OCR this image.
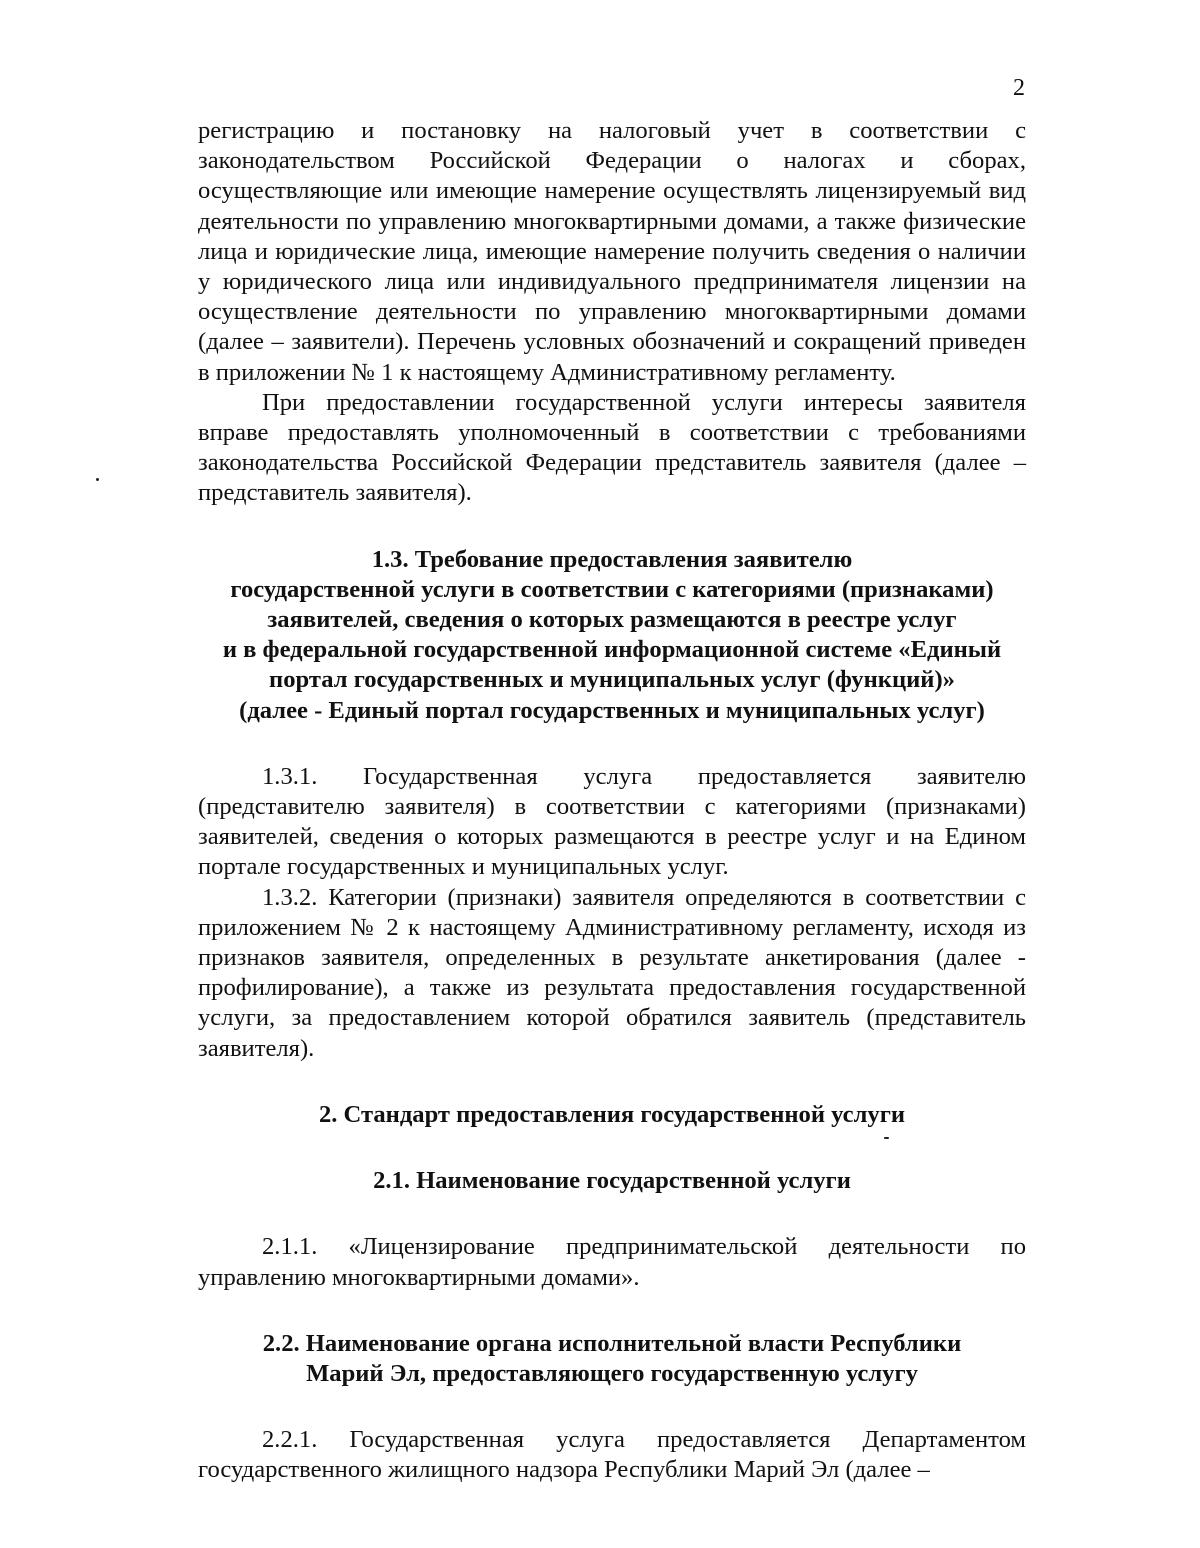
2

регистрацию и постановку на налоговый учет в соответствии с законодательством Российской Федерации о налогах и сборах, осуществляющие или имеющие намерение осуществлять лицензируемый вид деятельности по управлению многоквартирными домами, а также физические лица и юридические лица, имеющие намерение получить сведения о наличии у юридического лица или индивидуального предпринимателя лицензии на осуществление деятельности по управлению многоквартирными домами (далее – заявители). Перечень условных обозначений и сокращений приведен в приложении № 1 к настоящему Административному регламенту.

При предоставлении государственной услуги интересы заявителя вправе предоставлять уполномоченный в соответствии с требованиями законодательства Российской Федерации представитель заявителя (далее – представитель заявителя).

1.3. Требование предоставления заявителю

государственной услуги в соответствии с категориями (признаками)

заявителей, сведения о которых размещаются в реестре услуг

и в федеральной государственной информационной системе «Единый

портал государственных и муниципальных услуг (функций)»

(далее - Единый портал государственных и муниципальных услуг)

1.3.1. Государственная услуга предоставляется заявителю (представителю заявителя) в соответствии с категориями (признаками) заявителей, сведения о которых размещаются в реестре услуг и на Едином портале государственных и муниципальных услуг.

1.3.2. Категории (признаки) заявителя определяются в соответствии с приложением № 2 к настоящему Административному регламенту, исходя из признаков заявителя, определенных в результате анкетирования (далее - профилирование), а также из результата предоставления государственной услуги, за предоставлением которой обратился заявитель (представитель заявителя).

2. Стандарт предоставления государственной услуги

2.1. Наименование государственной услуги

2.1.1. «Лицензирование предпринимательской деятельности по управлению многоквартирными домами».

2.2. Наименование органа исполнительной власти Республики

Марий Эл, предоставляющего государственную услугу

2.2.1. Государственная услуга предоставляется Департаментом государственного жилищного надзора Республики Марий Эл (далее –
